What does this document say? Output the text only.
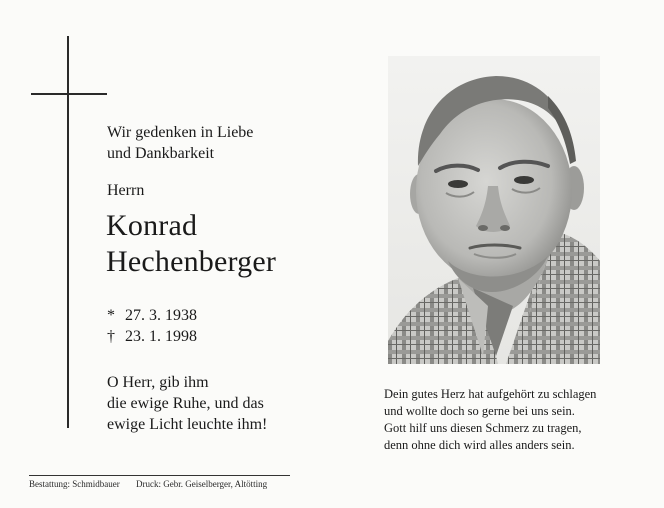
Wir gedenken in Liebe
und Dankbarkeit
Herrn
Konrad
Hechenberger
* 27. 3. 1938
† 23. 1. 1998
O Herr, gib ihm
die ewige Ruhe, und das
ewige Licht leuchte ihm!
Bestattung: Schmidbauer Druck: Gebr. Geiselberger, Altötting
Dein gutes Herz hat aufgehört zu schlagen
und wolltе doch so gerne bei uns sein.
Gott hilf uns diesen Schmerz zu tragen,
denn ohne dich wird alles anders sein.
